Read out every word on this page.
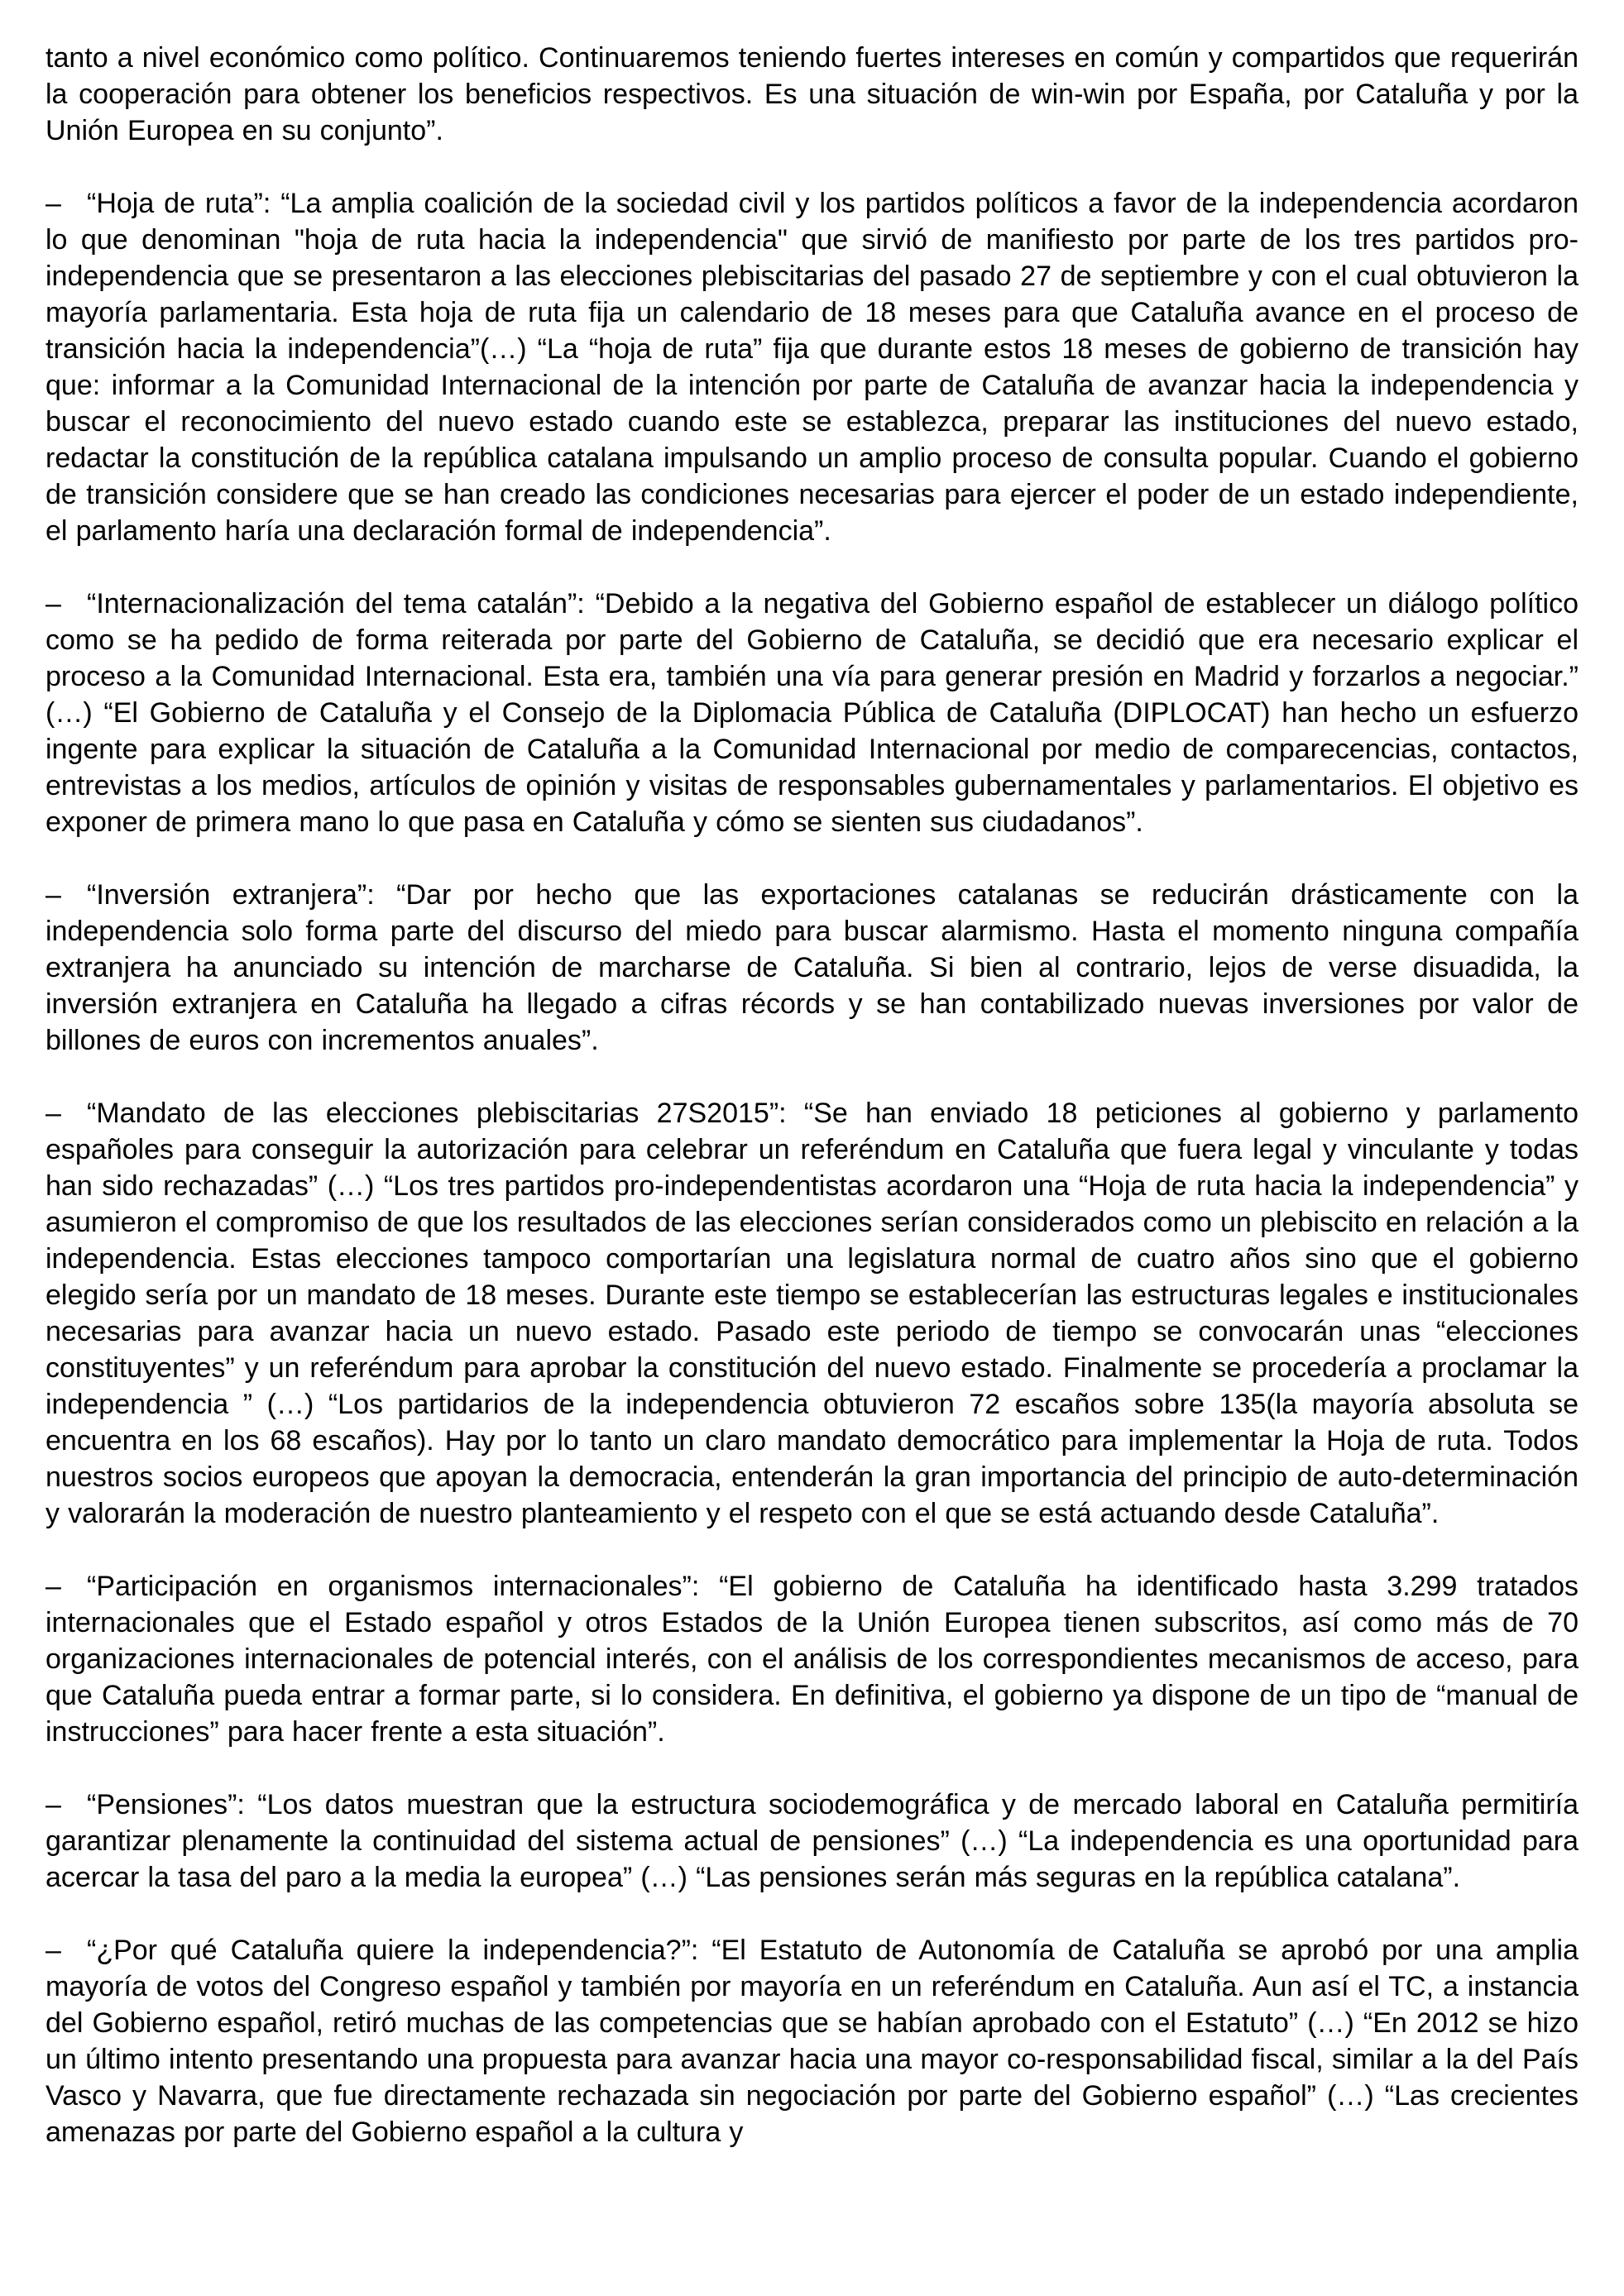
tanto a nivel económico como político. Continuaremos teniendo fuertes intereses en común y compartidos que requerirán la cooperación para obtener los beneficios respectivos. Es una situación de win-win por España, por Cataluña y por la Unión Europea en su conjunto”.

– “Hoja de ruta”: “La amplia coalición de la sociedad civil y los partidos políticos a favor de la independencia acordaron lo que denominan "hoja de ruta hacia la independencia" que sirvió de manifiesto por parte de los tres partidos pro-independencia que se presentaron a las elecciones plebiscitarias del pasado 27 de septiembre y con el cual obtuvieron la mayoría parlamentaria. Esta hoja de ruta fija un calendario de 18 meses para que Cataluña avance en el proceso de transición hacia la independencia”(…) “La “hoja de ruta” fija que durante estos 18 meses de gobierno de transición hay que: informar a la Comunidad Internacional de la intención por parte de Cataluña de avanzar hacia la independencia y buscar el reconocimiento del nuevo estado cuando este se establezca, preparar las instituciones del nuevo estado, redactar la constitución de la república catalana impulsando un amplio proceso de consulta popular. Cuando el gobierno de transición considere que se han creado las condiciones necesarias para ejercer el poder de un estado independiente, el parlamento haría una declaración formal de independencia”.

– “Internacionalización del tema catalán”: “Debido a la negativa del Gobierno español de establecer un diálogo político como se ha pedido de forma reiterada por parte del Gobierno de Cataluña, se decidió que era necesario explicar el proceso a la Comunidad Internacional. Esta era, también una vía para generar presión en Madrid y forzarlos a negociar.” (…) “El Gobierno de Cataluña y el Consejo de la Diplomacia Pública de Cataluña (DIPLOCAT) han hecho un esfuerzo ingente para explicar la situación de Cataluña a la Comunidad Internacional por medio de comparecencias, contactos, entrevistas a los medios, artículos de opinión y visitas de responsables gubernamentales y parlamentarios. El objetivo es exponer de primera mano lo que pasa en Cataluña y cómo se sienten sus ciudadanos”.

– “Inversión extranjera”: “Dar por hecho que las exportaciones catalanas se reducirán drásticamente con la independencia solo forma parte del discurso del miedo para buscar alarmismo. Hasta el momento ninguna compañía extranjera ha anunciado su intención de marcharse de Cataluña. Si bien al contrario, lejos de verse disuadida, la inversión extranjera en Cataluña ha llegado a cifras récords y se han contabilizado nuevas inversiones por valor de billones de euros con incrementos anuales”.

– “Mandato de las elecciones plebiscitarias 27S2015”: “Se han enviado 18 peticiones al gobierno y parlamento españoles para conseguir la autorización para celebrar un referéndum en Cataluña que fuera legal y vinculante y todas han sido rechazadas” (…) “Los tres partidos pro-independentistas acordaron una “Hoja de ruta hacia la independencia” y asumieron el compromiso de que los resultados de las elecciones serían considerados como un plebiscito en relación a la independencia. Estas elecciones tampoco comportarían una legislatura normal de cuatro años sino que el gobierno elegido sería por un mandato de 18 meses. Durante este tiempo se establecerían las estructuras legales e institucionales necesarias para avanzar hacia un nuevo estado. Pasado este periodo de tiempo se convocarán unas “elecciones constituyentes” y un referéndum para aprobar la constitución del nuevo estado. Finalmente se procedería a proclamar la independencia ” (…) “Los partidarios de la independencia obtuvieron 72 escaños sobre 135(la mayoría absoluta se encuentra en los 68 escaños). Hay por lo tanto un claro mandato democrático para implementar la Hoja de ruta. Todos nuestros socios europeos que apoyan la democracia, entenderán la gran importancia del principio de auto-determinación y valorarán la moderación de nuestro planteamiento y el respeto con el que se está actuando desde Cataluña”.

– “Participación en organismos internacionales”: “El gobierno de Cataluña ha identificado hasta 3.299 tratados internacionales que el Estado español y otros Estados de la Unión Europea tienen subscritos, así como más de 70 organizaciones internacionales de potencial interés, con el análisis de los correspondientes mecanismos de acceso, para que Cataluña pueda entrar a formar parte, si lo considera. En definitiva, el gobierno ya dispone de un tipo de “manual de instrucciones” para hacer frente a esta situación”.

– “Pensiones”: “Los datos muestran que la estructura sociodemográfica y de mercado laboral en Cataluña permitiría garantizar plenamente la continuidad del sistema actual de pensiones” (…) “La independencia es una oportunidad para acercar la tasa del paro a la media la europea” (…) “Las pensiones serán más seguras en la república catalana”.

– “¿Por qué Cataluña quiere la independencia?”: “El Estatuto de Autonomía de Cataluña se aprobó por una amplia mayoría de votos del Congreso español y también por mayoría en un referéndum en Cataluña. Aun así el TC, a instancia del Gobierno español, retiró muchas de las competencias que se habían aprobado con el Estatuto” (…) “En 2012 se hizo un último intento presentando una propuesta para avanzar hacia una mayor co-responsabilidad fiscal, similar a la del País Vasco y Navarra, que fue directamente rechazada sin negociación por parte del Gobierno español” (…) “Las crecientes amenazas por parte del Gobierno español a la cultura y
